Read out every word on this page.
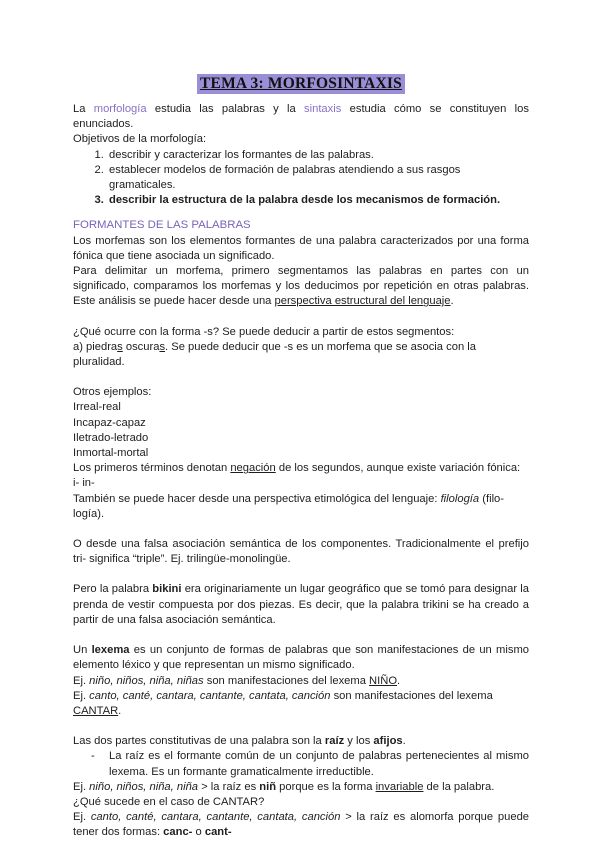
TEMA 3: MORFOSINTAXIS

La morfología estudia las palabras y la sintaxis estudia cómo se constituyen los enunciados.

Objetivos de la morfología:

1. describir y caracterizar los formantes de las palabras.
2. establecer modelos de formación de palabras atendiendo a sus rasgos gramaticales.
3. describir la estructura de la palabra desde los mecanismos de formación.

FORMANTES DE LAS PALABRAS

Los morfemas son los elementos formantes de una palabra caracterizados por una forma fónica que tiene asociada un significado.

Para delimitar un morfema, primero segmentamos las palabras en partes con un significado, comparamos los morfemas y los deducimos por repetición en otras palabras. Este análisis se puede hacer desde una perspectiva estructural del lenguaje.

¿Qué ocurre con la forma -s? Se puede deducir a partir de estos segmentos:

a) piedras oscuras. Se puede deducir que -s es un morfema que se asocia con la pluralidad.

Otros ejemplos:

Irreal-real

Incapaz-capaz

Iletrado-letrado

Inmortal-mortal

Los primeros términos denotan negación de los segundos, aunque existe variación fónica: i- in-

También se puede hacer desde una perspectiva etimológica del lenguaje: filología (filo-logía).

O desde una falsa asociación semántica de los componentes. Tradicionalmente el prefijo tri- significa “triple”. Ej. trilingüe-monolingüe.

Pero la palabra bikini era originariamente un lugar geográfico que se tomó para designar la prenda de vestir compuesta por dos piezas. Es decir, que la palabra trikini se ha creado a partir de una falsa asociación semántica.

Un lexema es un conjunto de formas de palabras que son manifestaciones de un mismo elemento léxico y que representan un mismo significado.

Ej. niño, niños, niña, niñas son manifestaciones del lexema NIÑO.

Ej. canto, canté, cantara, cantante, cantata, canción son manifestaciones del lexema CANTAR.

Las dos partes constitutivas de una palabra son la raíz y los afijos.

- La raíz es el formante común de un conjunto de palabras pertenecientes al mismo lexema. Es un formante gramaticalmente irreductible.

Ej. niño, niños, niña, niña > la raíz es niñ porque es la forma invariable de la palabra.

¿Qué sucede en el caso de CANTAR?

Ej. canto, canté, cantara, cantante, cantata, canción > la raíz es alomorfa porque puede tener dos formas: canc- o cant-
